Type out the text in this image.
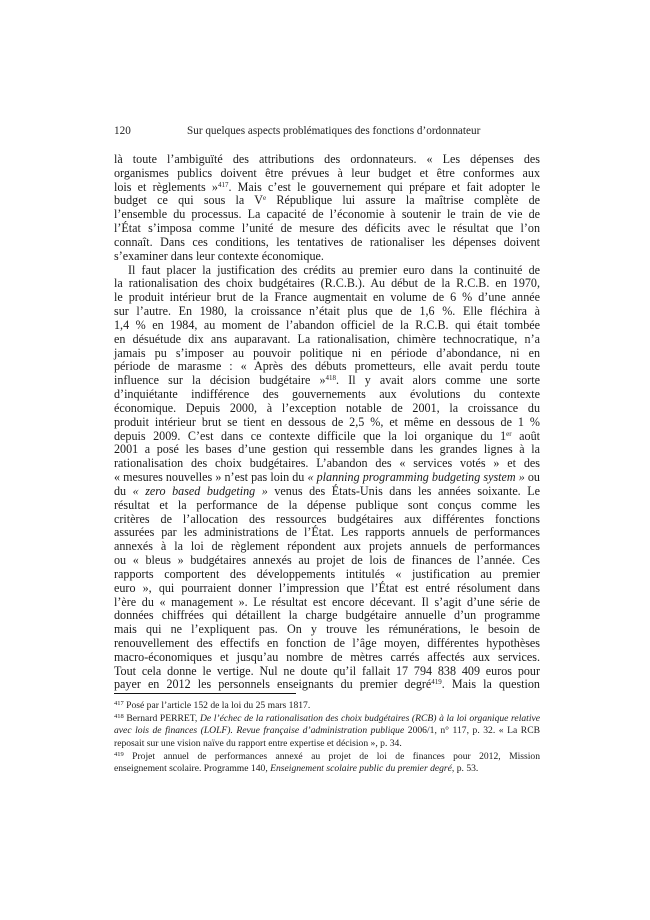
120	Sur quelques aspects problématiques des fonctions d’ordonnateur
là toute l’ambiguïté des attributions des ordonnateurs. « Les dépenses des
organismes publics doivent être prévues à leur budget et être conformes aux
lois et règlements »$^{417}$. Mais c’est le gouvernement qui prépare et fait adopter le
budget ce qui sous la Ve République lui assure la maîtrise complète de
l’ensemble du processus. La capacité de l’économie à soutenir le train de vie de
l’État s’imposa comme l’unité de mesure des déficits avec le résultat que l’on
connaît. Dans ces conditions, les tentatives de rationaliser les dépenses doivent
s’examiner dans leur contexte économique.
Il faut placer la justification des crédits au premier euro dans la continuité de
la rationalisation des choix budgétaires (R.C.B.). Au début de la R.C.B. en 1970,
le produit intérieur brut de la France augmentait en volume de 6 % d’une année
sur l’autre. En 1980, la croissance n’était plus que de 1,6 %. Elle fléchira à
1,4 % en 1984, au moment de l’abandon officiel de la R.C.B. qui était tombée
en désuétude dix ans auparavant. La rationalisation, chimère technocratique, n’a
jamais pu s’imposer au pouvoir politique ni en période d’abondance, ni en
période de marasme : « Après des débuts prometteurs, elle avait perdu toute
influence sur la décision budgétaire »$^{418}$. Il y avait alors comme une sorte
d’inquiétante indifférence des gouvernements aux évolutions du contexte
économique. Depuis 2000, à l’exception notable de 2001, la croissance du
produit intérieur brut se tient en dessous de 2,5 %, et même en dessous de 1 %
depuis 2009. C’est dans ce contexte difficile que la loi organique du 1er août
2001 a posé les bases d’une gestion qui ressemble dans les grandes lignes à la
rationalisation des choix budgétaires. L’abandon des « services votés » et des
« mesures nouvelles » n’est pas loin du « planning programming budgeting system » ou
du « zero based budgeting » venus des États-Unis dans les années soixante. Le
résultat et la performance de la dépense publique sont conçus comme les
critères de l’allocation des ressources budgétaires aux différentes fonctions
assurées par les administrations de l’État. Les rapports annuels de performances
annexés à la loi de règlement répondent aux projets annuels de performances
ou « bleus » budgétaires annexés au projet de lois de finances de l’année. Ces
rapports comportent des développements intitulés « justification au premier
euro », qui pourraient donner l’impression que l’État est entré résolument dans
l’ère du « management ». Le résultat est encore décevant. Il s’agit d’une série de
données chiffrées qui détaillent la charge budgétaire annuelle d’un programme
mais qui ne l’expliquent pas. On y trouve les rémunérations, le besoin de
renouvellement des effectifs en fonction de l’âge moyen, différentes hypothèses
macro-économiques et jusqu’au nombre de mètres carrés affectés aux services.
Tout cela donne le vertige. Nul ne doute qu’il fallait 17 794 838 409 euros pour
payer en 2012 les personnels enseignants du premier degré$^{419}$. Mais la question
$^{417}$ Posé par l’article 152 de la loi du 25 mars 1817.
$^{418}$ Bernard PERRET, De l’échec de la rationalisation des choix budgétaires (RCB) à la loi organique relative
avec lois de finances (LOLF). Revue française d’administration publique 2006/1, n° 117, p. 32. « La RCB
reposait sur une vision naïve du rapport entre expertise et décision », p. 34.
$^{419}$ Projet annuel de performances annexé au projet de loi de finances pour 2012, Mission
enseignement scolaire. Programme 140, Enseignement scolaire public du premier degré, p. 53.
